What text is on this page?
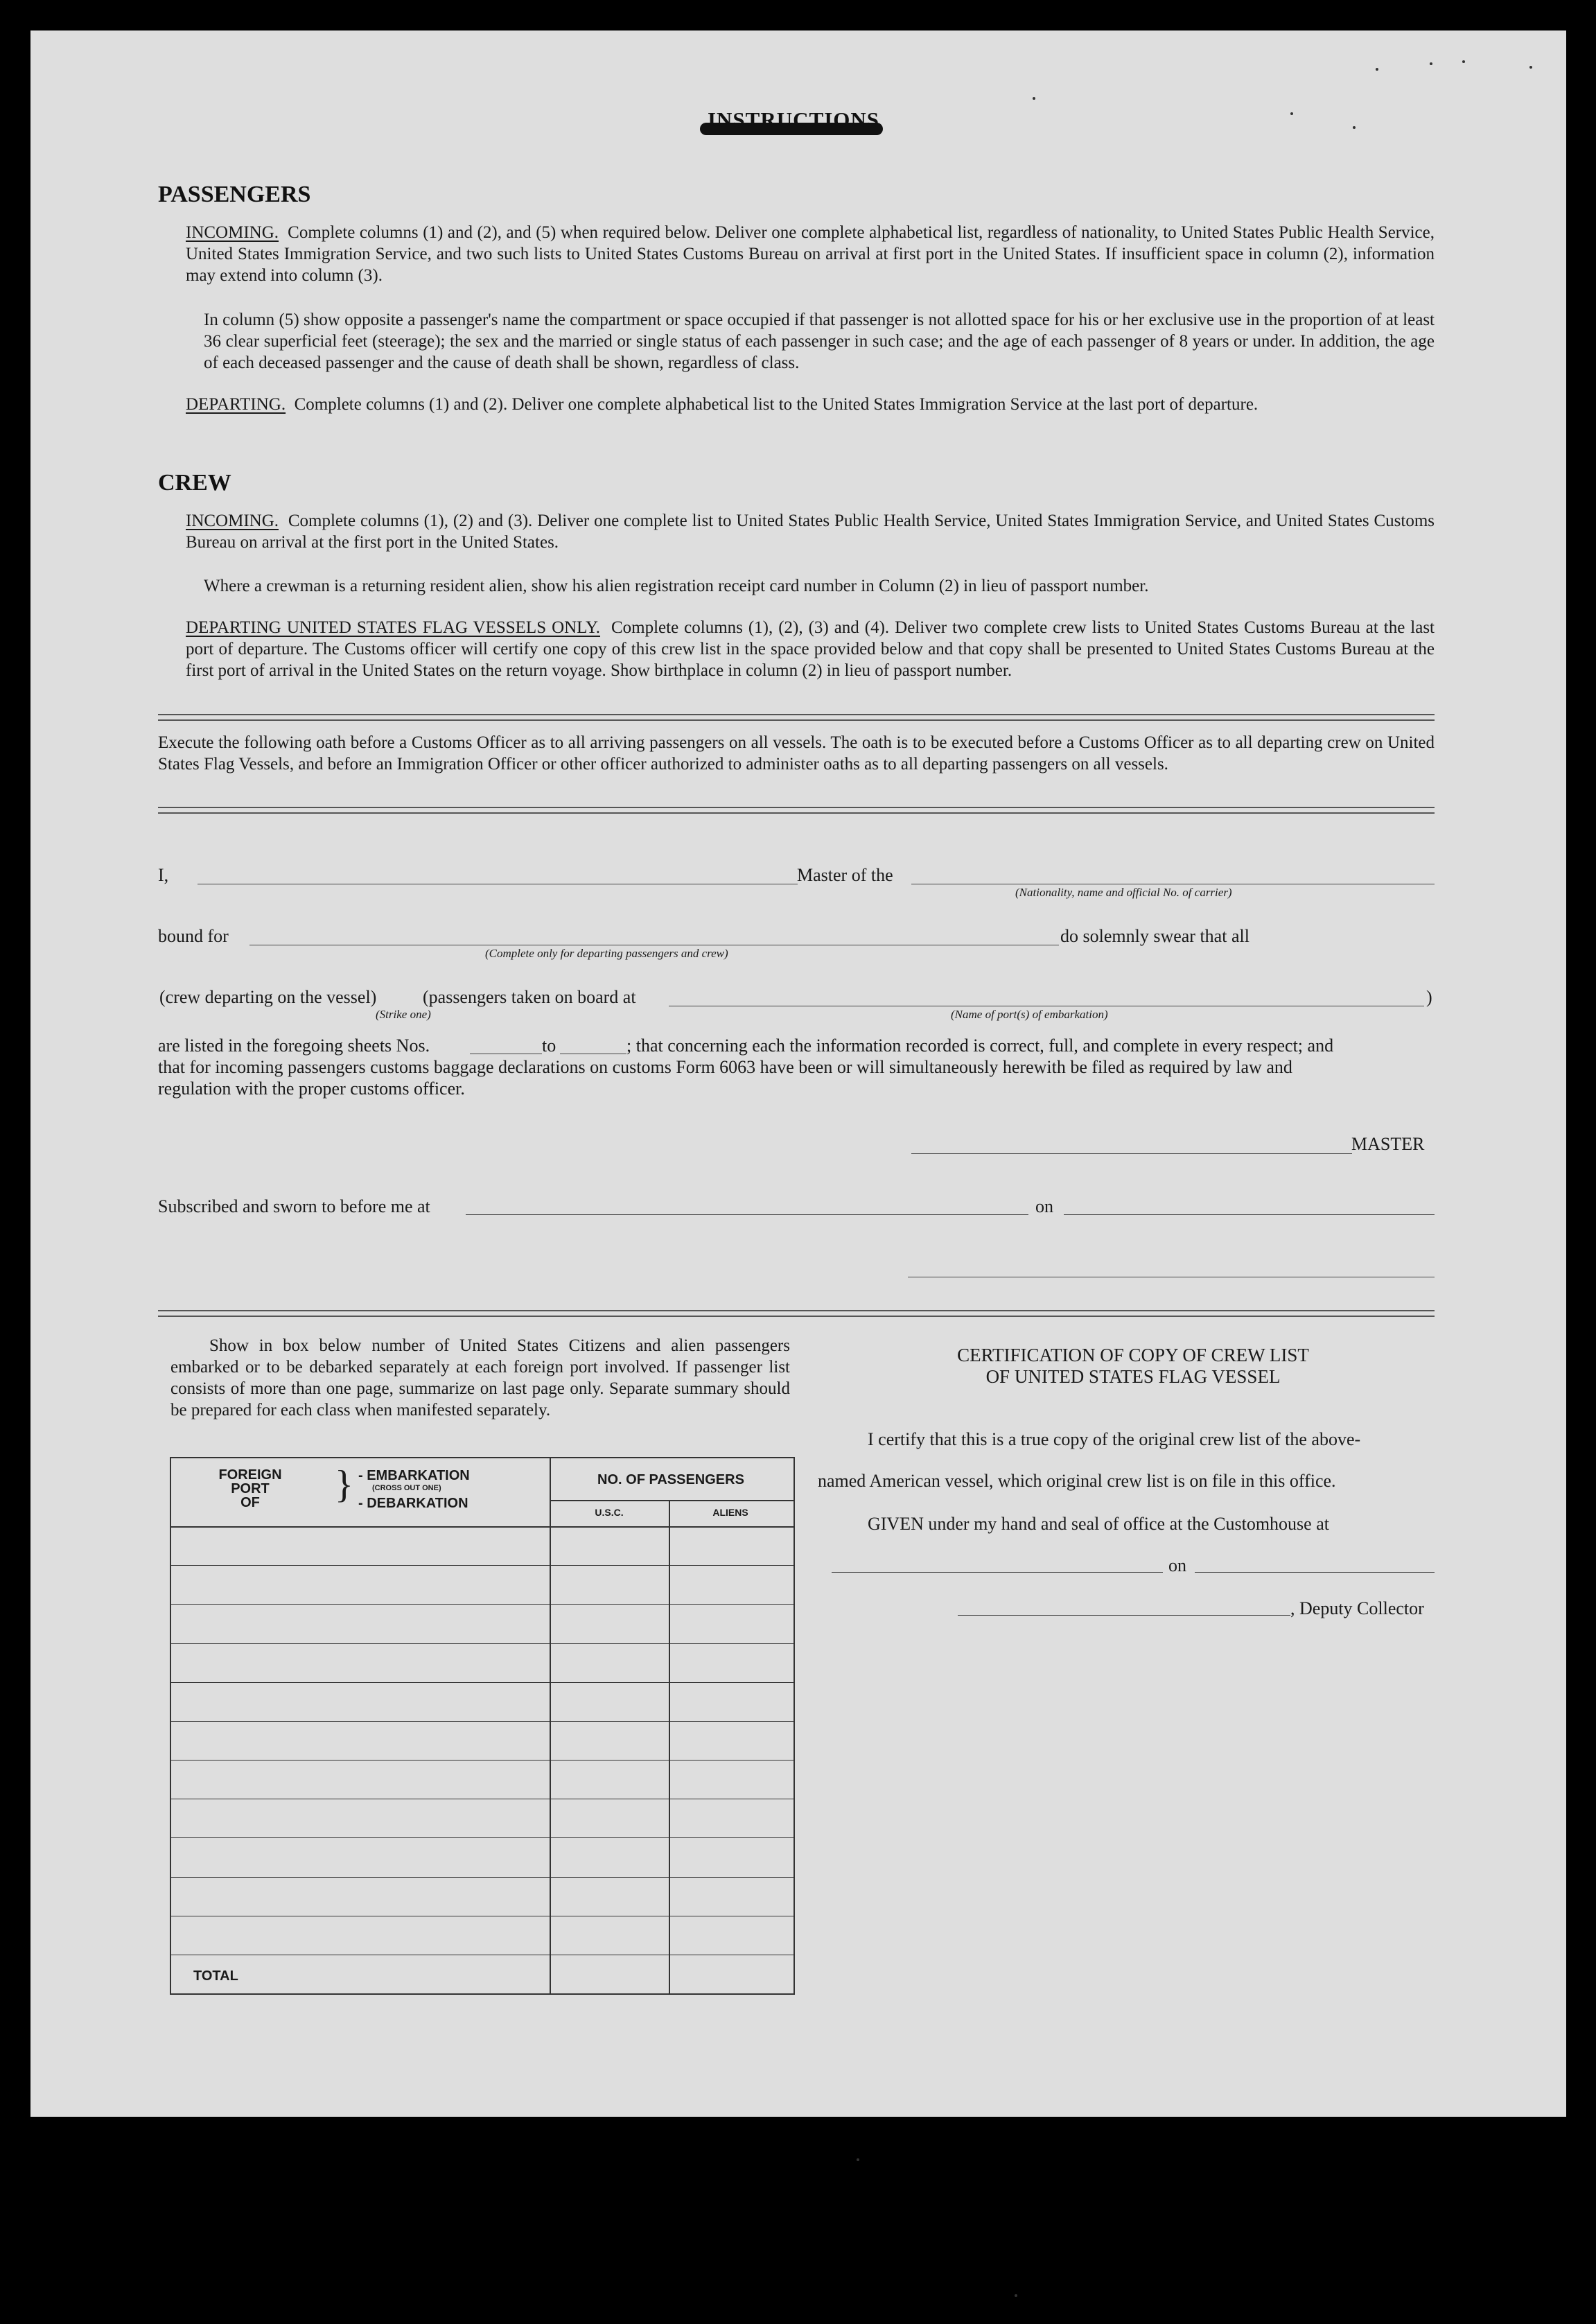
INSTRUCTIONS
PASSENGERS
INCOMING. Complete columns (1) and (2), and (5) when required below. Deliver one complete alphabetical list, regardless of nationality, to United States Public Health Service, United States Immigration Service, and two such lists to United States Customs Bureau on arrival at first port in the United States. If insufficient space in column (2), information may extend into column (3).
In column (5) show opposite a passenger's name the compartment or space occupied if that passenger is not allotted space for his or her exclusive use in the proportion of at least 36 clear superficial feet (steerage); the sex and the married or single status of each passenger in such case; and the age of each passenger of 8 years or under. In addition, the age of each deceased passenger and the cause of death shall be shown, regardless of class.
DEPARTING. Complete columns (1) and (2). Deliver one complete alphabetical list to the United States Immigration Service at the last port of departure.
CREW
INCOMING. Complete columns (1), (2) and (3). Deliver one complete list to United States Public Health Service, United States Immigration Service, and United States Customs Bureau on arrival at the first port in the United States.
Where a crewman is a returning resident alien, show his alien registration receipt card number in Column (2) in lieu of passport number.
DEPARTING UNITED STATES FLAG VESSELS ONLY. Complete columns (1), (2), (3) and (4). Deliver two complete crew lists to United States Customs Bureau at the last port of departure. The Customs officer will certify one copy of this crew list in the space provided below and that copy shall be presented to United States Customs Bureau at the first port of arrival in the United States on the return voyage. Show birthplace in column (2) in lieu of passport number.
Execute the following oath before a Customs Officer as to all arriving passengers on all vessels. The oath is to be executed before a Customs Officer as to all departing crew on United States Flag Vessels, and before an Immigration Officer or other officer authorized to administer oaths as to all departing passengers on all vessels.
I,	Master of the
(Nationality, name and official No. of carrier)
bound for
(Complete only for departing passengers and crew)
do solemnly swear that all
(crew departing on the vessel)	(passengers taken on board at	)
(Strike one)	(Name of port(s) of embarkation)
are listed in the foregoing sheets Nos.	to	; that concerning each the information recorded is correct, full, and complete in every respect; and
that for incoming passengers customs baggage declarations on customs Form 6063 have been or will simultaneously herewith be filed as required by law and
regulation with the proper customs officer.
MASTER
Subscribed and sworn to before me at	on
Show in box below number of United States Citizens and alien passengers embarked or to be debarked separately at each foreign port involved. If passenger list consists of more than one page, summarize on last page only. Separate summary should be prepared for each class when manifested separately.
FOREIGN
PORT
OF	} - EMBARKATION
(CROSS OUT ONE)
- DEBARKATION
NO. OF PASSENGERS
U.S.C.	ALIENS
TOTAL
CERTIFICATION OF COPY OF CREW LIST
OF UNITED STATES FLAG VESSEL
I certify that this is a true copy of the original crew list of the above-
named American vessel, which original crew list is on file in this office.
GIVEN under my hand and seal of office at the Customhouse at
on
, Deputy Collector
